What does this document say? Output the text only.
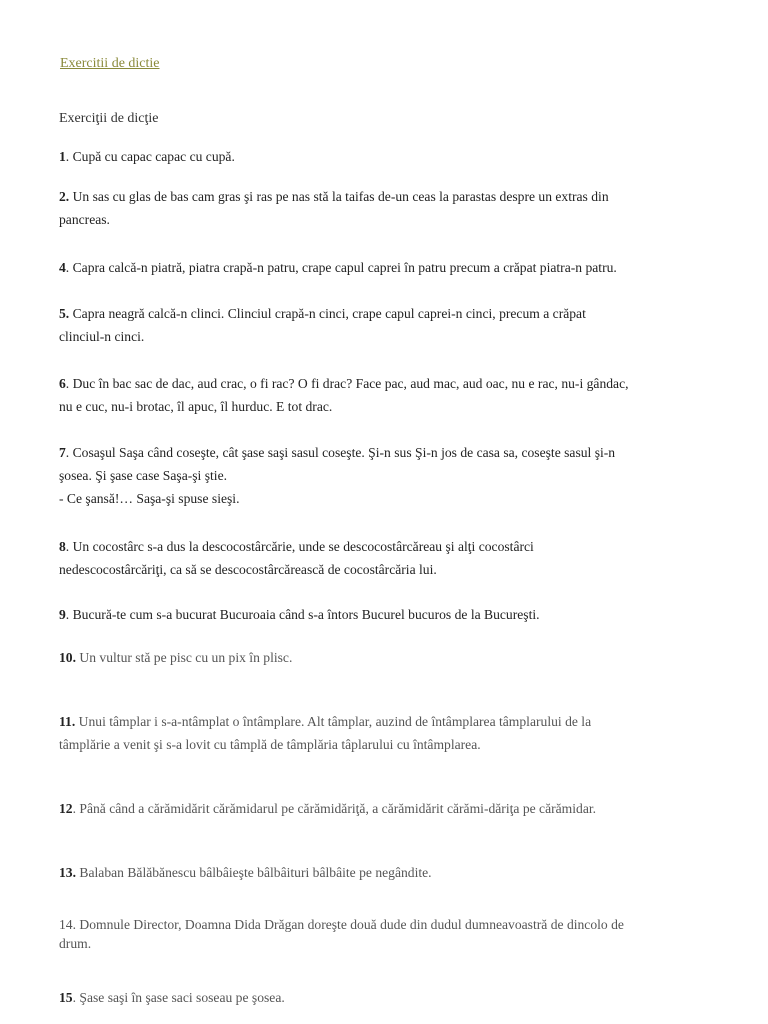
Exercitii de dictie
Exerciţii de dicţie
1. Cupă cu capac capac cu cupă.
2. Un sas cu glas de bas cam gras şi ras pe nas stă la taifas de-un ceas la parastas despre un extras din
pancreas.
4. Capra calcă-n piatră, piatra crapă-n patru, crape capul caprei în patru precum a crăpat piatra-n patru.
5. Capra neagră calcă-n clinci. Clinciul crapă-n cinci, crape capul caprei-n cinci, precum a crăpat
clinciul-n cinci.
6. Duc în bac sac de dac, aud crac, o fi rac? O fi drac? Face pac, aud mac, aud oac, nu e rac, nu-i gândac,
nu e cuc, nu-i brotac, îl apuc, îl hurduc. E tot drac.
7. Cosaşul Saşa când coseşte, cât şase saşi sasul coseşte. Şi-n sus Şi-n jos de casa sa, coseşte sasul şi-n
şosea. Şi şase case Saşa-şi ştie.
- Ce şansă!… Saşa-şi spuse sieşi.
8. Un cocostârc s-a dus la descocostârcărie, unde se descocostârcăreau şi alţi cocostârci
nedescocostârcăriţi, ca să se descocostârcărească de cocostârcăria lui.
9. Bucură-te cum s-a bucurat Bucuroaia când s-a întors Bucurel bucuros de la Bucureşti.
10. Un vultur stă pe pisc cu un pix în plisc.
11. Unui tâmplar i s-a-ntâmplat o întâmplare. Alt tâmplar, auzind de întâmplarea tâmplarului de la
tâmplărie a venit şi s-a lovit cu tâmplă de tâmplăria tâplarului cu întâmplarea.
12. Până când a cărămidărit cărămidarul pe cărămidăriţă, a cărămidărit cărămi-dăriţa pe cărămidar.
13. Balaban Bălăbănescu bâlbâieşte bâlbâituri bâlbâite pe negândite.
14. Domnule Director, Doamna Dida Drăgan doreşte două dude din dudul dumneavoastră de dincolo de
drum.
15. Şase saşi în şase saci soseau pe şosea.
